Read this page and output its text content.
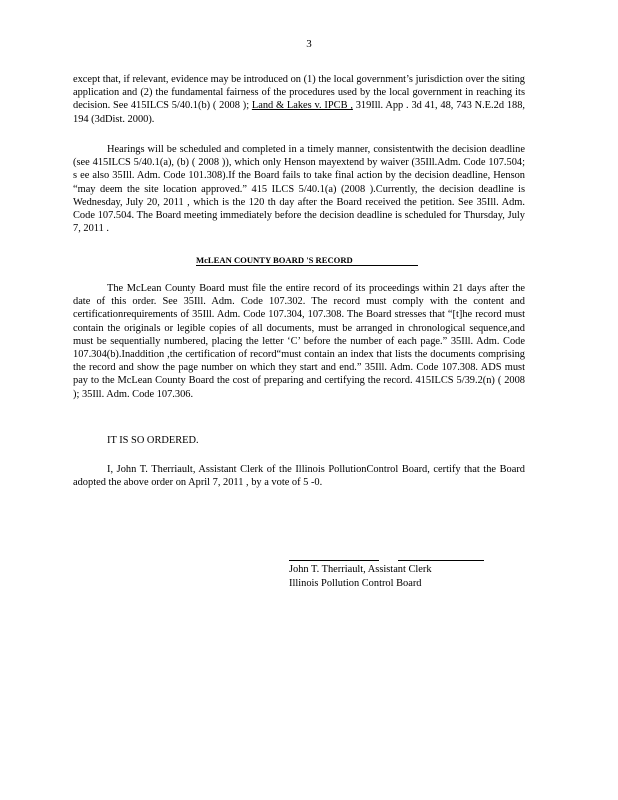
3
except that, if relevant, evidence may be introduced on (1) the local government’s jurisdiction over the siting application and (2) the fundamental fairness of the procedures used by the local government in reaching its decision. See 415ILCS 5/40.1(b) ( 2008 ); Land & Lakes v. IPCB , 319Ill. App . 3d 41, 48, 743 N.E.2d 188, 194 (3dDist. 2000).
Hearings will be scheduled and completed in a timely manner, consistentwith the decision deadline (see 415ILCS 5/40.1(a), (b) ( 2008 )), which only Henson mayextend by waiver (35Ill.Adm. Code 107.504; s ee also 35Ill. Adm. Code 101.308).If the Board fails to take final action by the decision deadline, Henson “may deem the site location approved.” 415 ILCS 5/40.1(a) (2008 ).Currently, the decision deadline is Wednesday, July 20, 2011 , which is the 120 th day after the Board received the petition. See 35Ill. Adm. Code 107.504. The Board meeting immediately before the decision deadline is scheduled for Thursday, July 7, 2011 .
McLEAN COUNTY BOARD 'S RECORD
The McLean County Board must file the entire record of its proceedings within 21 days after the date of this order. See 35Ill. Adm. Code 107.302. The record must comply with the content and certificationrequirements of 35Ill. Adm. Code 107.304, 107.308. The Board stresses that “[t]he record must contain the originals or legible copies of all documents, must be arranged in chronological sequence,and must be sequentially numbered, placing the letter ‘C’ before the number of each page.” 35Ill. Adm. Code 107.304(b).Inaddition ,the certification of record“must contain an index that lists the documents comprising the record and show the page number on which they start and end.” 35Ill. Adm. Code 107.308. ADS must pay to the McLean County Board the cost of preparing and certifying the record. 415ILCS 5/39.2(n) ( 2008 ); 35Ill. Adm. Code 107.306.
IT IS SO ORDERED.
I, John T. Therriault, Assistant Clerk of the Illinois PollutionControl Board, certify that the Board adopted the above order on April 7, 2011 , by a vote of 5 -0.
John T. Therriault, Assistant Clerk
Illinois Pollution Control Board
